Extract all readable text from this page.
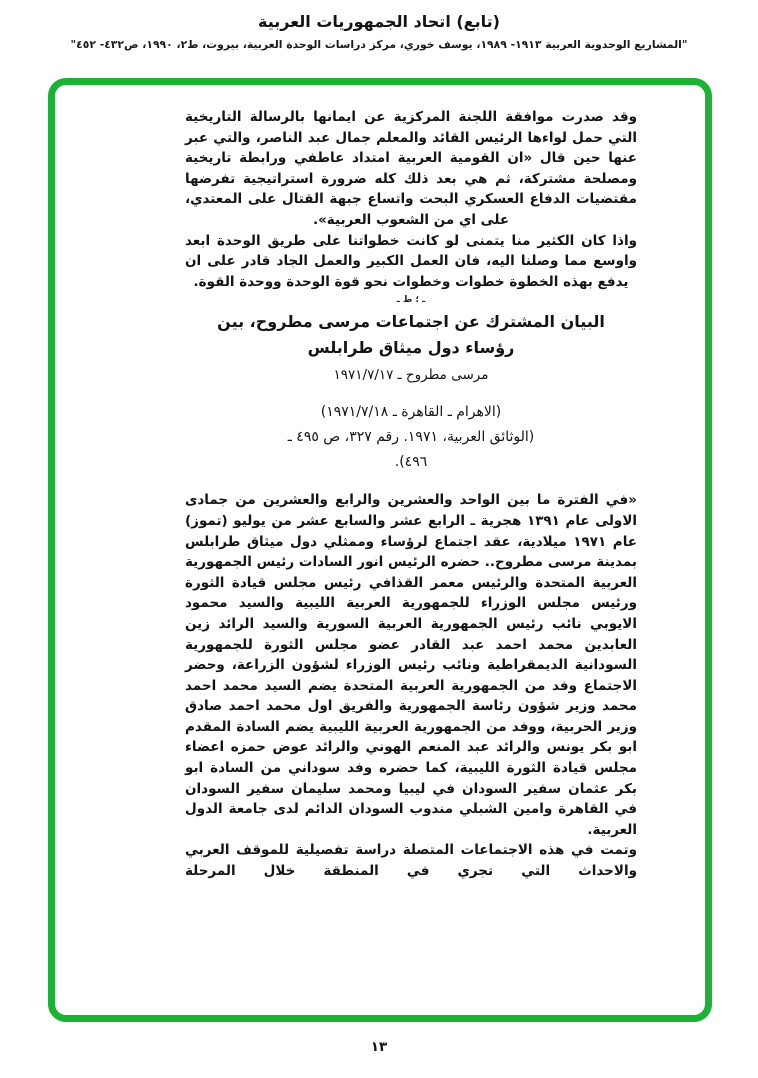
(تابع) اتحاد الجمهوريات العربية
"المشاريع الوحدوية العربية ١٩١٣- ١٩٨٩، يوسف خوري، مركز دراسات الوحدة العربية، بيروت، ط٢، ١٩٩٠، ص٤٣٢- ٤٥٢"

وقد صدرت موافقة اللجنة المركزية عن ايمانها بالرسالة التاريخية التي حمل لواءها الرئيس القائد والمعلم جمال عبد الناصر، والتي عبر عنها حين قال «ان القومية العربية امتداد عاطفي ورابطة تاريخية ومصلحة مشتركة، ثم هي بعد ذلك كله ضرورة استراتيجية تفرضها مقتضيات الدفاع العسكري البحت واتساع جبهة القتال على المعتدي، على اي من الشعوب العربية».

واذا كان الكثير منا يتمنى لو كانت خطواتنا على طريق الوحدة ابعد واوسع مما وصلنا اليه، فان العمل الكبير والعمل الجاد قادر على ان يدفع بهذه الخطوة خطوات وخطوات نحو قوة الوحدة ووحدة القوة.

ـ ؛ ط ـ
البيان المشترك عن اجتماعات مرسى مطروح، بين
رؤساء دول ميثاق طرابلس
مرسى مطروح ـ ١٩٧١/٧/١٧
(الاهرام ـ القاهرة ـ ١٩٧١/٧/١٨)
(الوثائق العربية، ١٩٧١. رقم ٣٢٧، ص ٤٩٥ ـ
٤٩٦).

«في الفترة ما بين الواحد والعشرين والرابع والعشرين من جمادى الاولى عام ١٣٩١ هجرية ـ الرابع عشر والسابع عشر من يوليو (تموز) عام ١٩٧١ ميلادية، عقد اجتماع لرؤساء وممثلي دول ميثاق طرابلس بمدينة مرسى مطروح.. حضره الرئيس انور السادات رئيس الجمهورية العربية المتحدة والرئيس معمر القذافي رئيس مجلس قيادة الثورة ورئيس مجلس الوزراء للجمهورية العربية الليبية والسيد محمود الايوبي نائب رئيس الجمهورية العربية السورية والسيد الرائد زين العابدين محمد احمد عبد القادر عضو مجلس الثورة للجمهورية السودانية الديمقراطية ونائب رئيس الوزراء لشؤون الزراعة، وحضر الاجتماع وفد من الجمهورية العربية المتحدة يضم السيد محمد احمد محمد وزير شؤون رئاسة الجمهورية والفريق اول محمد احمد صادق وزير الحربية، ووفد من الجمهورية العربية الليبية يضم السادة المقدم ابو بكر يونس والرائد عبد المنعم الهوني والرائد عوض حمزه اعضاء مجلس قيادة الثورة الليبية، كما حضره وفد سوداني من السادة ابو بكر عثمان سفير السودان في ليبيا ومحمد سليمان سفير السودان في القاهرة وامين الشبلي مندوب السودان الدائم لدى جامعة الدول العربية.

وتمت في هذه الاجتماعات المتصلة دراسة تفصيلية للموقف العربي والاحداث التي تجري في المنطقة خلال المرحلة

١٣
